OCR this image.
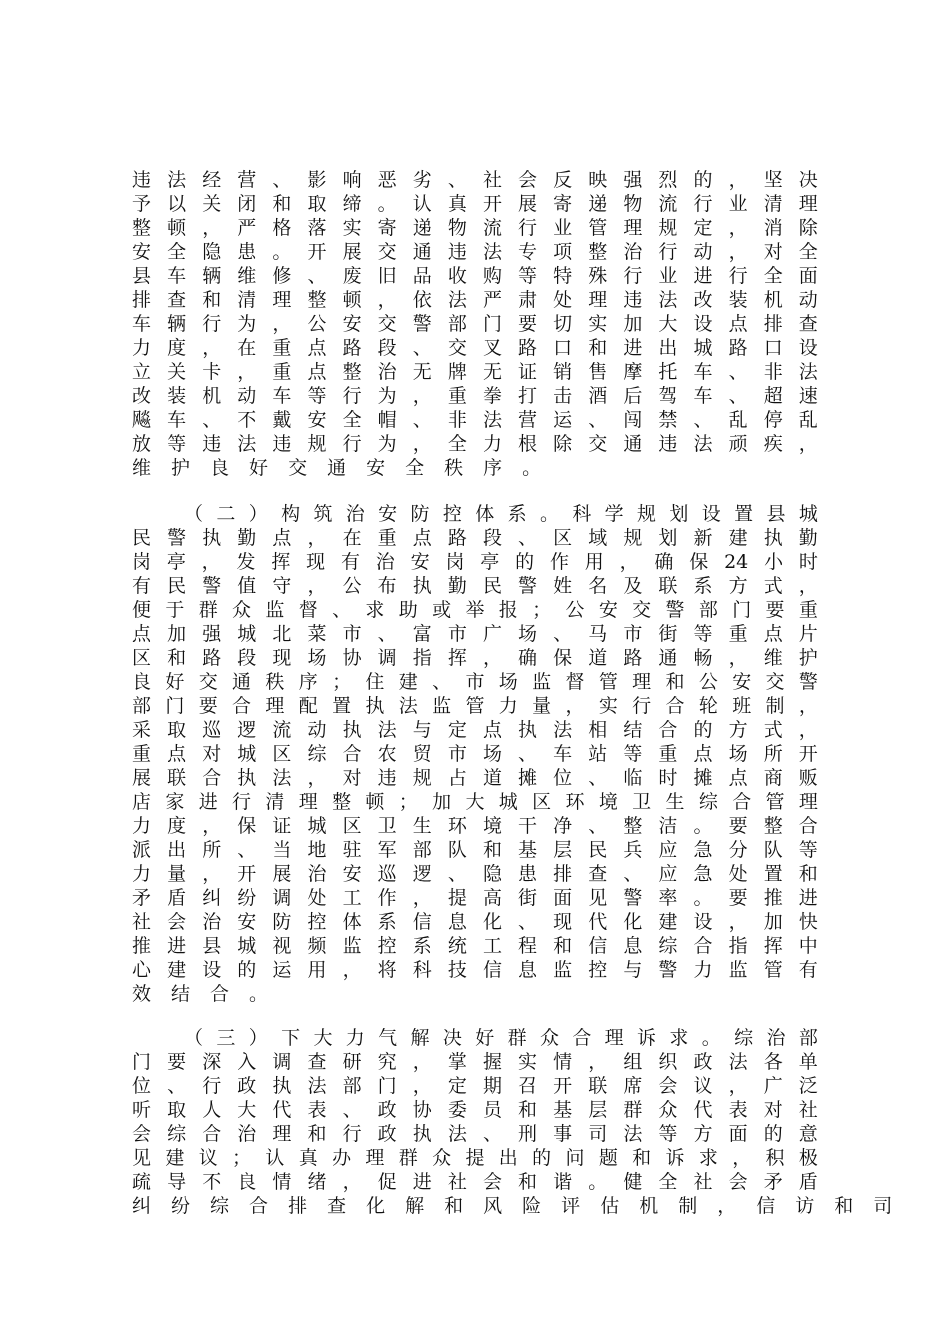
违 法 经 营 、 影 响 恶 劣 、 社 会 反 映 强 烈 的 ， 坚 决
予 以 关 闭 和 取 缔 。 认 真 开 展 寄 递 物 流 行 业 清 理
整 顿 ， 严 格 落 实 寄 递 物 流 行 业 管 理 规 定 ， 消 除
安 全 隐 患 。 开 展 交 通 违 法 专 项 整 治 行 动 ， 对 全
县 车 辆 维 修 、 废 旧 品 收 购 等 特 殊 行 业 进 行 全 面
排 查 和 清 理 整 顿 ， 依 法 严 肃 处 理 违 法 改 装 机 动
车 辆 行 为 ， 公 安 交 警 部 门 要 切 实 加 大 设 点 排 查
力 度 ， 在 重 点 路 段 、 交 叉 路 口 和 进 出 城 路 口 设
立 关 卡 ， 重 点 整 治 无 牌 无 证 销 售 摩 托 车 、 非 法
改 装 机 动 车 等 行 为 ， 重 拳 打 击 酒 后 驾 车 、 超 速
飚 车 、 不 戴 安 全 帽 、 非 法 营 运 、 闯 禁 、 乱 停 乱
放 等 违 法 违 规 行 为 ， 全 力 根 除 交 通 违 法 顽 疾 ，
维 护 良 好 交 通 安 全 秩 序 。
（ 二 ） 构 筑 治 安 防 控 体 系 。 科 学 规 划 设 置 县 城
民 警 执 勤 点 ， 在 重 点 路 段 、 区 域 规 划 新 建 执 勤
岗 亭 ， 发 挥 现 有 治 安 岗 亭 的 作 用 ， 确 保 24 小 时
有 民 警 值 守 ， 公 布 执 勤 民 警 姓 名 及 联 系 方 式 ，
便 于 群 众 监 督 、 求 助 或 举 报 ； 公 安 交 警 部 门 要 重
点 加 强 城 北 菜 市 、 富 市 广 场 、 马 市 街 等 重 点 片
区 和 路 段 现 场 协 调 指 挥 ， 确 保 道 路 通 畅 ， 维 护
良 好 交 通 秩 序 ； 住 建 、 市 场 监 督 管 理 和 公 安 交 警
部 门 要 合 理 配 置 执 法 监 管 力 量 ， 实 行 合 轮 班 制 ，
采 取 巡 逻 流 动 执 法 与 定 点 执 法 相 结 合 的 方 式 ，
重 点 对 城 区 综 合 农 贸 市 场 、 车 站 等 重 点 场 所 开
展 联 合 执 法 ， 对 违 规 占 道 摊 位 、 临 时 摊 点 商 贩
店 家 进 行 清 理 整 顿 ； 加 大 城 区 环 境 卫 生 综 合 管 理
力 度 ， 保 证 城 区 卫 生 环 境 干 净 、 整 洁 。 要 整 合
派 出 所 、 当 地 驻 军 部 队 和 基 层 民 兵 应 急 分 队 等
力 量 ， 开 展 治 安 巡 逻 、 隐 患 排 查 、 应 急 处 置 和
矛 盾 纠 纷 调 处 工 作 ， 提 高 街 面 见 警 率 。 要 推 进
社 会 治 安 防 控 体 系 信 息 化 、 现 代 化 建 设 ， 加 快
推 进 县 城 视 频 监 控 系 统 工 程 和 信 息 综 合 指 挥 中
心 建 设 的 运 用 ， 将 科 技 信 息 监 控 与 警 力 监 管 有
效 结 合 。
（ 三 ） 下 大 力 气 解 决 好 群 众 合 理 诉 求 。 综 治 部
门 要 深 入 调 查 研 究 ， 掌 握 实 情 ， 组 织 政 法 各 单
位 、 行 政 执 法 部 门 ， 定 期 召 开 联 席 会 议 ， 广 泛
听 取 人 大 代 表 、 政 协 委 员 和 基 层 群 众 代 表 对 社
会 综 合 治 理 和 行 政 执 法 、 刑 事 司 法 等 方 面 的 意
见 建 议 ； 认 真 办 理 群 众 提 出 的 问 题 和 诉 求 ， 积 极
疏 导 不 良 情 绪 ， 促 进 社 会 和 谐 。 健 全 社 会 矛 盾
纠 纷 综 合 排 查 化 解 和 风 险 评 估 机 制 ， 信 访 和 司
